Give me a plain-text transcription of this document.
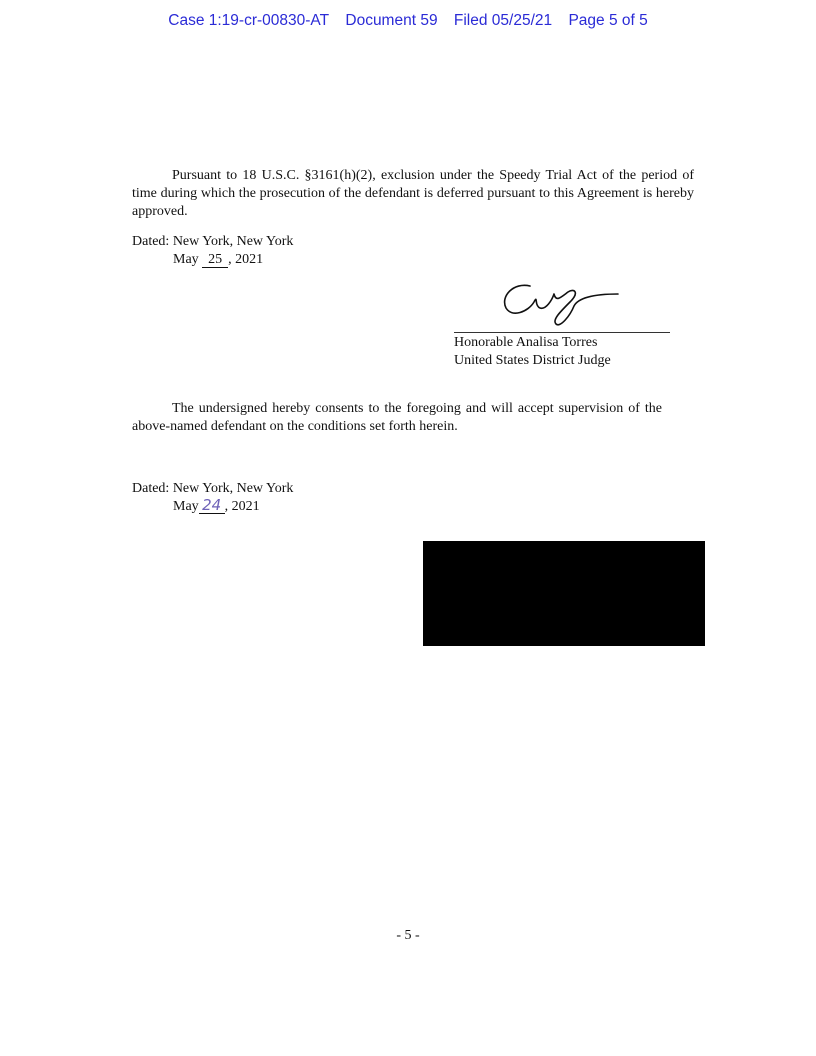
Case 1:19-cr-00830-AT Document 59 Filed 05/25/21 Page 5 of 5
Pursuant to 18 U.S.C. §3161(h)(2), exclusion under the Speedy Trial Act of the period of time during which the prosecution of the defendant is deferred pursuant to this Agreement is hereby approved.
Dated: New York, New York
May 25 , 2021
Honorable Analisa Torres
United States District Judge
The undersigned hereby consents to the foregoing and will accept supervision of the above-named defendant on the conditions set forth herein.
Dated: New York, New York
May 24 , 2021
- 5 -
